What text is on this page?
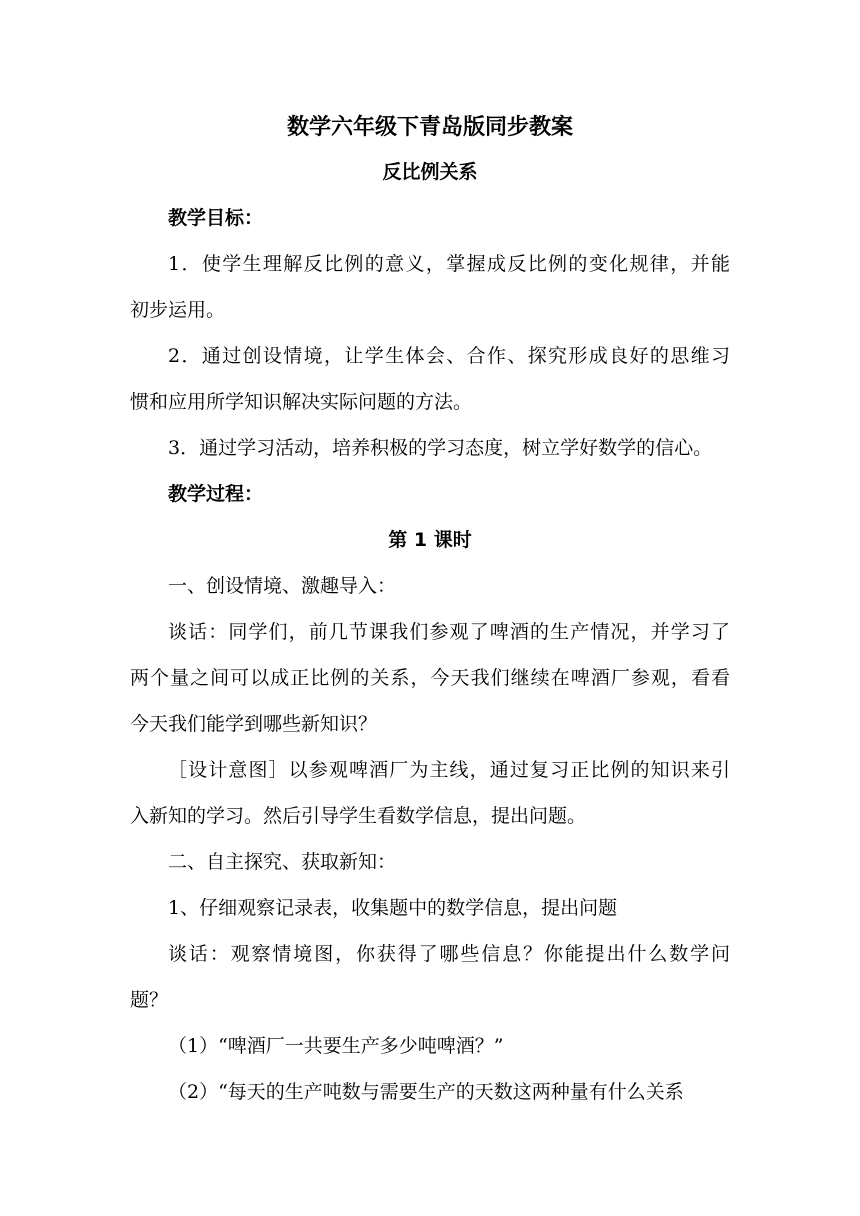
数学六年级下青岛版同步教案
反比例关系
教学目标：
1．使学生理解反比例的意义，掌握成反比例的变化规律，并能
初步运用。
2．通过创设情境，让学生体会、合作、探究形成良好的思维习
惯和应用所学知识解决实际问题的方法。
3．通过学习活动，培养积极的学习态度，树立学好数学的信心。
教学过程：
第 1 课时
一、创设情境、激趣导入：
谈话：同学们，前几节课我们参观了啤酒的生产情况，并学习了
两个量之间可以成正比例的关系，今天我们继续在啤酒厂参观，看看
今天我们能学到哪些新知识？
［设计意图］以参观啤酒厂为主线，通过复习正比例的知识来引
入新知的学习。然后引导学生看数学信息，提出问题。
二、自主探究、获取新知：
1、仔细观察记录表，收集题中的数学信息，提出问题
谈话：观察情境图，你获得了哪些信息？你能提出什么数学问
题？
（1）“啤酒厂一共要生产多少吨啤酒？”
（2）“每天的生产吨数与需要生产的天数这两种量有什么关系
